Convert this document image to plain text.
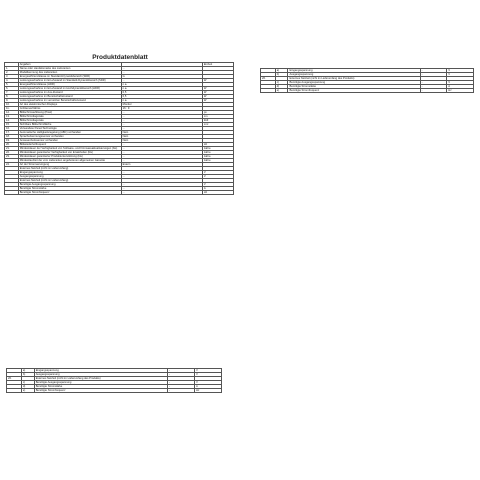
Produktdatenblatt
	Angaben		Einheit
1.	Name oder Handelsmarke des Lieferanten	...	
2.	Modellkennung des Lieferanten	...	
3.	Energieeffizienzklasse im Standard-Dynamikbereich (SDR)	G	
4.	Leistungsaufnahme im Ein-Zustand im Standard-Dynamikbereich (SDR)	...	W
5.	Energieeffizienzklasse (HDR)	n.a.	
6.	Leistungsaufnahme im Ein-Zustand im Hochdynamikbereich (HDR)	n.a.	W
7.	Leistungsaufnahme im Aus-Zustand	0,5	W
8.	Leistungsaufnahme im Bereitschaftszustand	0,5	W
9.	Leistungsaufnahme im vernetzten Bereitschaftszustand	n.a.	W
10.	Art des elektronischen Displays	Monitor	
11.	Größenverhältnis	16 : 9	
12.	Bildschirmauflösung (Pixel)	...	px
13.	Bildschirmdiagonale	...	cm
14.	Bildschirmdiagonale	...	Zoll
15.	Sichtbare Bildschirmfläche	...	cm²
16.	Verwendete Panel-Technologie	...	
17.	Automatische Helligkeitsregelung (ABC) vorhanden	Nein	
18.	Spracherkennungssensor vorhanden	Nein	
19.	Anwesenheitssensor vorhanden	Nein	
20.	Bildwiederholfrequenz	...	Hz
21.	Mindestdauer der Verfügbarkeit von Software- und Firmwareaktualisierungen (bis)	...	Jahre
22.	Mindestdauer garantierter Verfügbarkeit von Ersatzteilen (bis)	...	Jahre
23.	Mindestdauer garantierter Produktunterstützung (bis)	...	Jahre
	Mindestlaufzeit der vom Lieferanten angebotenen allgemeinen Garantie	...	Jahre
24.	Art der Stromversorgung	Extern	
	Externes Netzteil (nicht im Lieferumfang)		
	Eingangsspannung	...	V
	Ausgangsspannung	...	V
	Externes Netzteil (nicht im Lieferumfang)		
	Benötigte Ausgangsspannung	...	V
	Benötigte Stromstärke	...	A
	Benötigte Stromfrequenz	...	Hz
	a)	Eingangsspannung	-	V
	b)	Ausgangsspannung	-	V
26.		Externes Netzteil (nicht im Lieferumfang des Produkts)		
	c)	Benötigte Ausgangsspannung	-	V
	d)	Benötigte Stromstärke	-	A
	e)	Benötigte Stromfrequenz	-	Hz
	a)	Eingangsspannung	-	V
	b)	Ausgangsspannung	-	V
26.		Externes Netzteil (nicht im Lieferumfang des Produkts)		
	c)	Benötigte Ausgangsspannung	-	V
	d)	Benötigte Stromstärke	-	A
	e)	Benötigte Stromfrequenz	-	Hz
